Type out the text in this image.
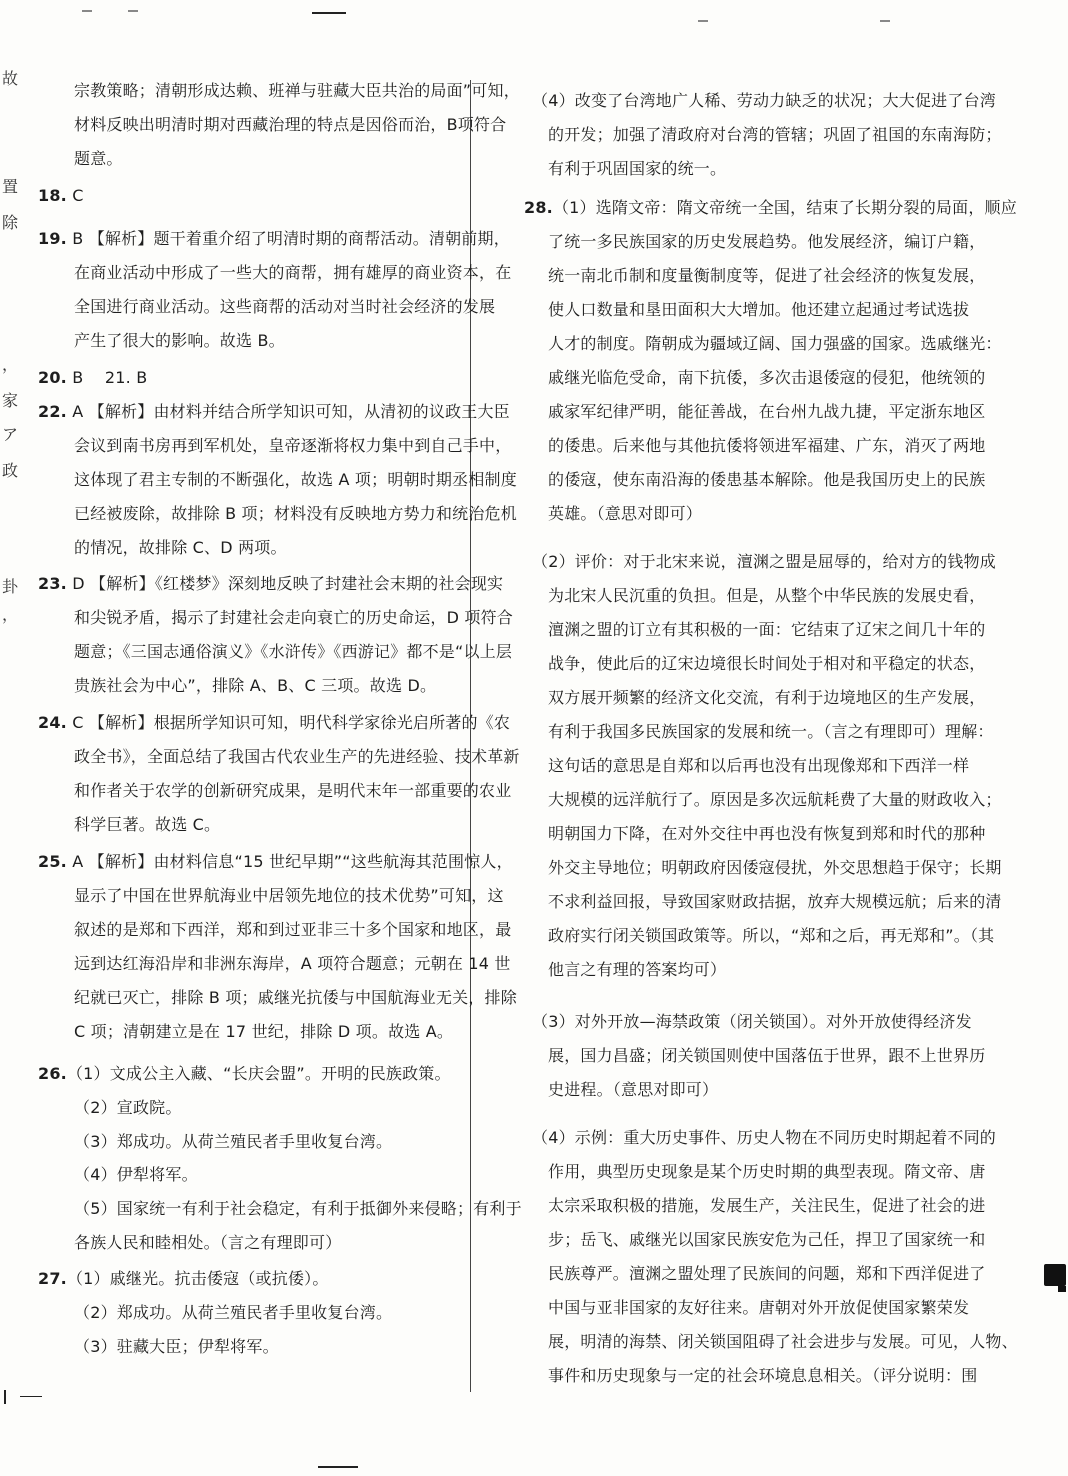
故
置
除
，
家
ア
政
卦
，
宗教策略；清朝形成达赖、班禅与驻藏大臣共治的局面”可知，
材料反映出明清时期对西藏治理的特点是因俗而治，B项符合
题意。
18. C
19. B 【解析】题干着重介绍了明清时期的商帮活动。清朝前期，
在商业活动中形成了一些大的商帮，拥有雄厚的商业资本，在
全国进行商业活动。这些商帮的活动对当时社会经济的发展
产生了很大的影响。故选 B。
20. B　 21. B
22. A 【解析】由材料并结合所学知识可知，从清初的议政王大臣
会议到南书房再到军机处，皇帝逐渐将权力集中到自己手中，
这体现了君主专制的不断强化，故选 A 项；明朝时期丞相制度
已经被废除，故排除 B 项；材料没有反映地方势力和统治危机
的情况，故排除 C、D 两项。
23. D 【解析】《红楼梦》深刻地反映了封建社会末期的社会现实
和尖锐矛盾，揭示了封建社会走向衰亡的历史命运，D 项符合
题意；《三国志通俗演义》《水浒传》《西游记》都不是“以上层
贵族社会为中心”，排除 A、B、C 三项。故选 D。
24. C 【解析】根据所学知识可知，明代科学家徐光启所著的《农
政全书》，全面总结了我国古代农业生产的先进经验、技术革新
和作者关于农学的创新研究成果，是明代末年一部重要的农业
科学巨著。故选 C。
25. A 【解析】由材料信息“15 世纪早期”“这些航海其范围惊人，
显示了中国在世界航海业中居领先地位的技术优势”可知，这
叙述的是郑和下西洋，郑和到过亚非三十多个国家和地区，最
远到达红海沿岸和非洲东海岸，A 项符合题意；元朝在 14 世
纪就已灭亡，排除 B 项；戚继光抗倭与中国航海业无关，排除
C 项；清朝建立是在 17 世纪，排除 D 项。故选 A。
26.（1）文成公主入藏、“长庆会盟”。开明的民族政策。
（2）宣政院。
（3）郑成功。从荷兰殖民者手里收复台湾。
（4）伊犁将军。
（5）国家统一有利于社会稳定，有利于抵御外来侵略；有利于
各族人民和睦相处。（言之有理即可）
27.（1）戚继光。抗击倭寇（或抗倭）。
（2）郑成功。从荷兰殖民者手里收复台湾。
（3）驻藏大臣；伊犁将军。
（4）改变了台湾地广人稀、劳动力缺乏的状况；大大促进了台湾
的开发；加强了清政府对台湾的管辖；巩固了祖国的东南海防；
有利于巩固国家的统一。
28.（1）选隋文帝：隋文帝统一全国，结束了长期分裂的局面，顺应
了统一多民族国家的历史发展趋势。他发展经济，编订户籍，
统一南北币制和度量衡制度等，促进了社会经济的恢复发展，
使人口数量和垦田面积大大增加。他还建立起通过考试选拔
人才的制度。隋朝成为疆域辽阔、国力强盛的国家。选戚继光：
戚继光临危受命，南下抗倭，多次击退倭寇的侵犯，他统领的
戚家军纪律严明，能征善战，在台州九战九捷，平定浙东地区
的倭患。后来他与其他抗倭将领进军福建、广东，消灭了两地
的倭寇，使东南沿海的倭患基本解除。他是我国历史上的民族
英雄。（意思对即可）
（2）评价：对于北宋来说，澶渊之盟是屈辱的，给对方的钱物成
为北宋人民沉重的负担。但是，从整个中华民族的发展史看，
澶渊之盟的订立有其积极的一面：它结束了辽宋之间几十年的
战争，使此后的辽宋边境很长时间处于相对和平稳定的状态，
双方展开频繁的经济文化交流，有利于边境地区的生产发展，
有利于我国多民族国家的发展和统一。（言之有理即可）理解：
这句话的意思是自郑和以后再也没有出现像郑和下西洋一样
大规模的远洋航行了。原因是多次远航耗费了大量的财政收入；
明朝国力下降，在对外交往中再也没有恢复到郑和时代的那种
外交主导地位；明朝政府因倭寇侵扰，外交思想趋于保守；长期
不求利益回报，导致国家财政拮据，放弃大规模远航；后来的清
政府实行闭关锁国政策等。所以，“郑和之后，再无郑和”。（其
他言之有理的答案均可）
（3）对外开放—海禁政策（闭关锁国）。对外开放使得经济发
展，国力昌盛；闭关锁国则使中国落伍于世界，跟不上世界历
史进程。（意思对即可）
（4）示例：重大历史事件、历史人物在不同历史时期起着不同的
作用，典型历史现象是某个历史时期的典型表现。隋文帝、唐
太宗采取积极的措施，发展生产，关注民生，促进了社会的进
步；岳飞、戚继光以国家民族安危为己任，捍卫了国家统一和
民族尊严。澶渊之盟处理了民族间的问题，郑和下西洋促进了
中国与亚非国家的友好往来。唐朝对外开放促使国家繁荣发
展，明清的海禁、闭关锁国阻碍了社会进步与发展。可见，人物、
事件和历史现象与一定的社会环境息息相关。（评分说明：围
